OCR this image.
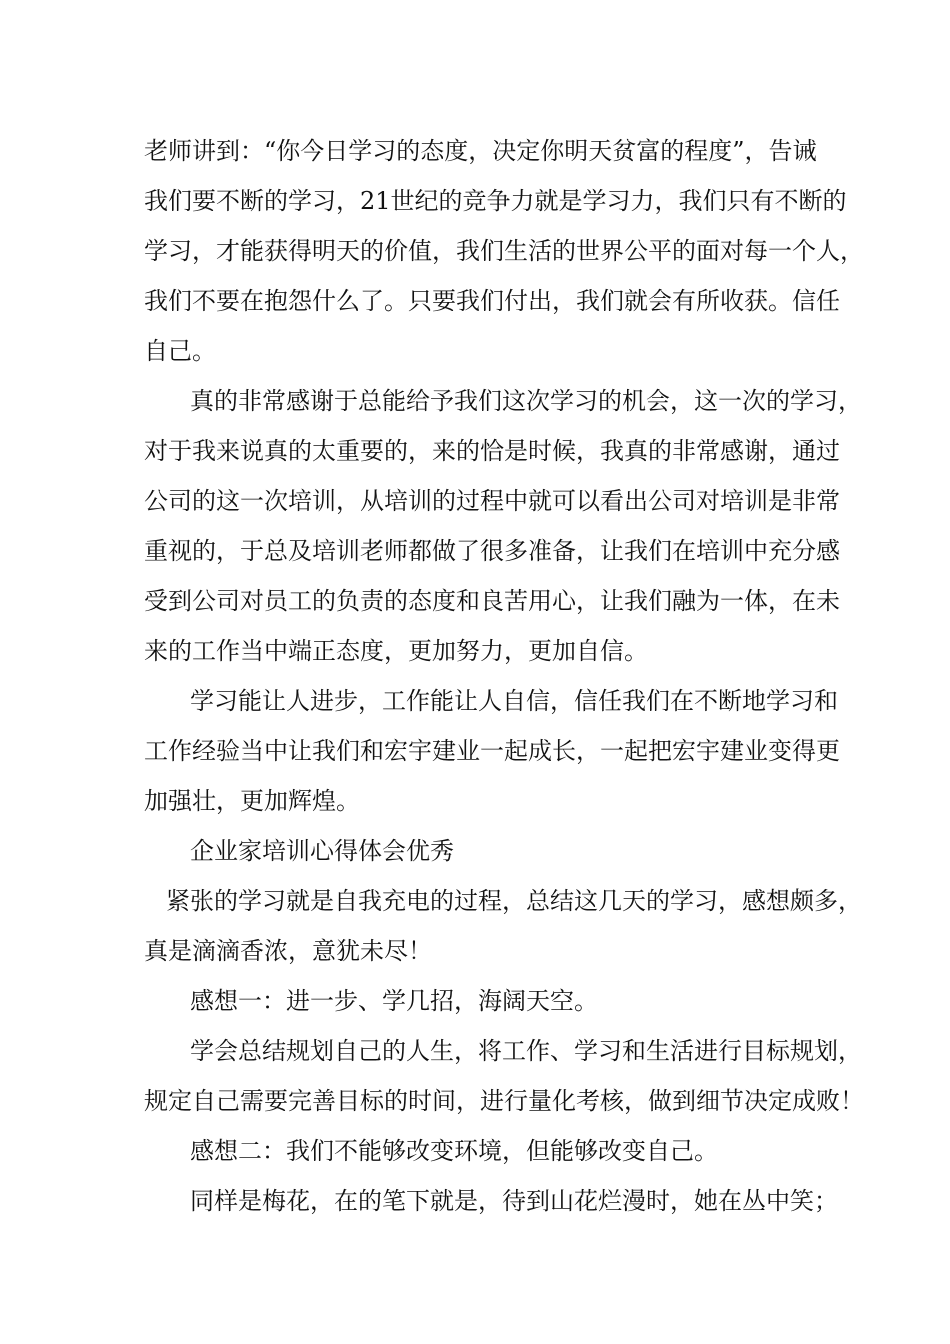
老师讲到：“你今日学习的态度，决定你明天贫富的程度”，告诫
我们要不断的学习，21世纪的竞争力就是学习力，我们只有不断的
学习，才能获得明天的价值，我们生活的世界公平的面对每一个人，
我们不要在抱怨什么了。只要我们付出，我们就会有所收获。信任
自己。
真的非常感谢于总能给予我们这次学习的机会，这一次的学习，
对于我来说真的太重要的，来的恰是时候，我真的非常感谢，通过
公司的这一次培训，从培训的过程中就可以看出公司对培训是非常
重视的，于总及培训老师都做了很多准备，让我们在培训中充分感
受到公司对员工的负责的态度和良苦用心，让我们融为一体，在未
来的工作当中端正态度，更加努力，更加自信。
学习能让人进步，工作能让人自信，信任我们在不断地学习和
工作经验当中让我们和宏宇建业一起成长，一起把宏宇建业变得更
加强壮，更加辉煌。
企业家培训心得体会优秀
紧张的学习就是自我充电的过程，总结这几天的学习，感想颇多，
真是滴滴香浓，意犹未尽！
感想一：进一步、学几招，海阔天空。
学会总结规划自己的人生，将工作、学习和生活进行目标规划，
规定自己需要完善目标的时间，进行量化考核，做到细节决定成败！
感想二：我们不能够改变环境，但能够改变自己。
同样是梅花，在的笔下就是，待到山花烂漫时，她在丛中笑；
